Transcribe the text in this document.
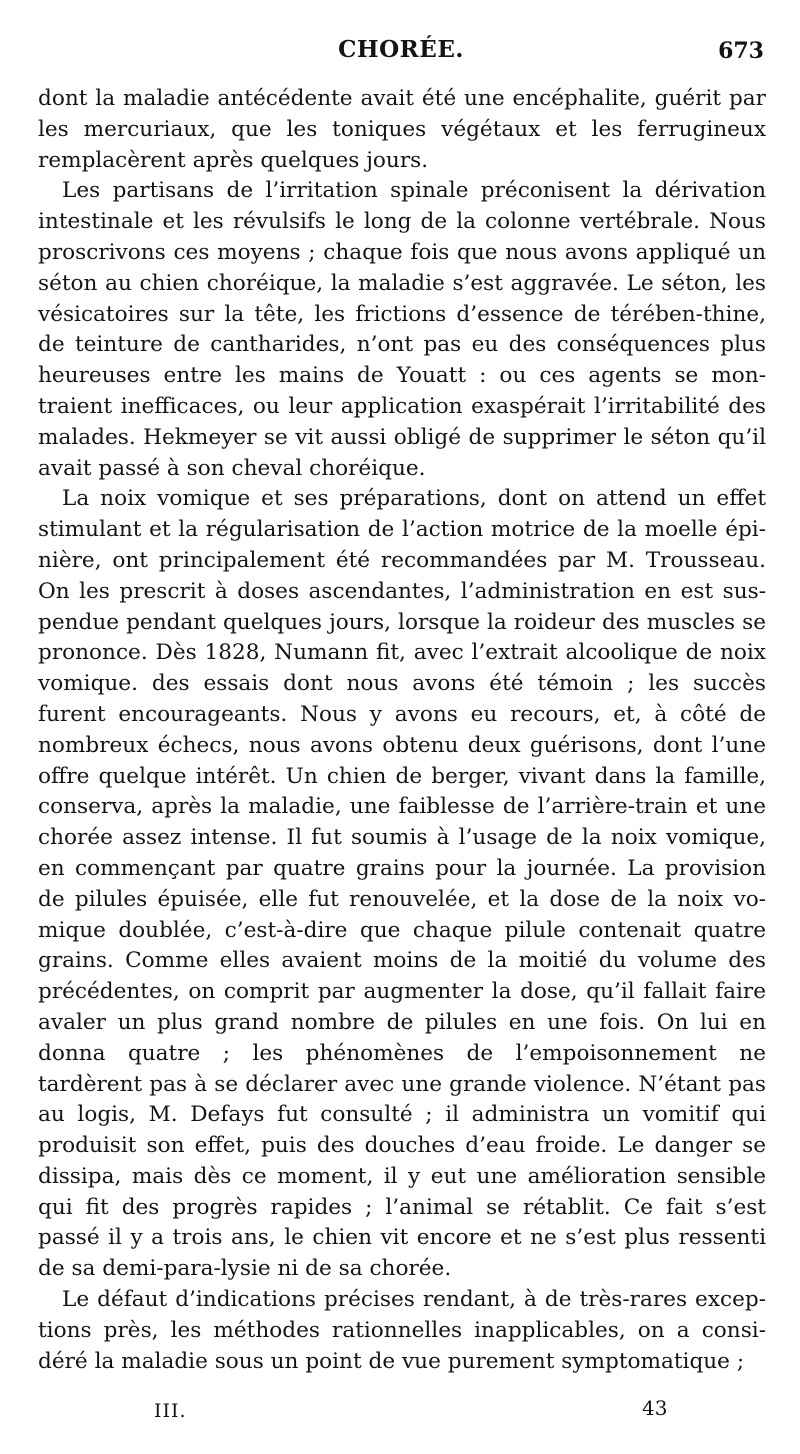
CHORÉE.	673

dont la maladie antécédente avait été une encéphalite, guérit par les mercuriaux, que les toniques végétaux et les ferrugineux remplacèrent après quelques jours.

Les partisans de l’irritation spinale préconisent la dérivation intestinale et les révulsifs le long de la colonne vertébrale. Nous proscrivons ces moyens ; chaque fois que nous avons appliqué un séton au chien choréique, la maladie s’est aggravée. Le séton, les vésicatoires sur la tête, les frictions d’essence de térében-thine, de teinture de cantharides, n’ont pas eu des conséquences plus heureuses entre les mains de Youatt : ou ces agents se mon-traient inefficaces, ou leur application exaspérait l’irritabilité des malades. Hekmeyer se vit aussi obligé de supprimer le séton qu’il avait passé à son cheval choréique.

La noix vomique et ses préparations, dont on attend un effet stimulant et la régularisation de l’action motrice de la moelle épi-nière, ont principalement été recommandées par M. Trousseau. On les prescrit à doses ascendantes, l’administration en est sus-pendue pendant quelques jours, lorsque la roideur des muscles se prononce. Dès 1828, Numann fit, avec l’extrait alcoolique de noix vomique. des essais dont nous avons été témoin ; les succès furent encourageants. Nous y avons eu recours, et, à côté de nombreux échecs, nous avons obtenu deux guérisons, dont l’une offre quelque intérêt. Un chien de berger, vivant dans la famille, conserva, après la maladie, une faiblesse de l’arrière-train et une chorée assez intense. Il fut soumis à l’usage de la noix vomique, en commençant par quatre grains pour la journée. La provision de pilules épuisée, elle fut renouvelée, et la dose de la noix vo-mique doublée, c’est-à-dire que chaque pilule contenait quatre grains. Comme elles avaient moins de la moitié du volume des précédentes, on comprit par augmenter la dose, qu’il fallait faire avaler un plus grand nombre de pilules en une fois. On lui en donna quatre ; les phénomènes de l’empoisonnement ne tardèrent pas à se déclarer avec une grande violence. N’étant pas au logis, M. Defays fut consulté ; il administra un vomitif qui produisit son effet, puis des douches d’eau froide. Le danger se dissipa, mais dès ce moment, il y eut une amélioration sensible qui fit des progrès rapides ; l’animal se rétablit. Ce fait s’est passé il y a trois ans, le chien vit encore et ne s’est plus ressenti de sa demi-para-lysie ni de sa chorée.

Le défaut d’indications précises rendant, à de très-rares excep-tions près, les méthodes rationnelles inapplicables, on a consi-déré la maladie sous un point de vue purement symptomatique ;

III.	43
